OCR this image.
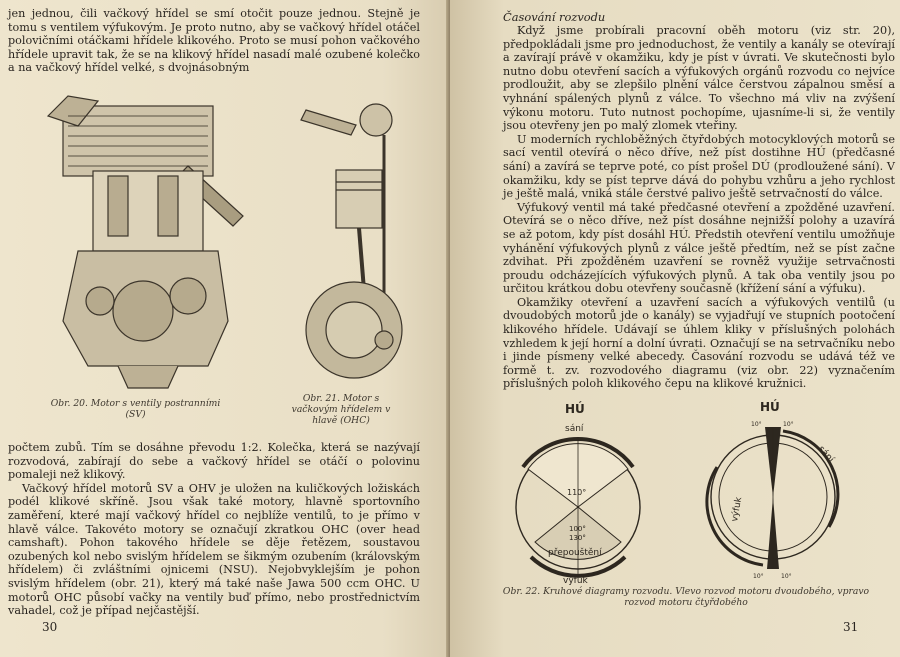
jen jednou, čili vačkový hřídel se smí otočit pouze jednou. Stejně je tomu s ventilem výfukovým. Je proto nutno, aby se vačkový hřídel otáčel polovičními otáčkami hřídele klikového. Proto se musí pohon vačkového hřídele upravit tak, že se na klikový hřídel nasadí malé ozubené kolečko a na vačkový hřídel velké, s dvojnásobným

Obr. 20. Motor s ventily postranními (SV)
Obr. 21. Motor s vačkovým hřídelem v hlavě (OHC)

počtem zubů. Tím se dosáhne převodu 1:2. Kolečka, která se nazývají rozvodová, zabírají do sebe a vačkový hřídel se otáčí o polovinu pomaleji než klikový.

Vačkový hřídel motorů SV a OHV je uložen na kuličkových ložiskách podél klikové skříně. Jsou však také motory, hlavně sportovního zaměření, které mají vačkový hřídel co nejblíže ventilů, to je přímo v hlavě válce. Takovéto motory se označují zkratkou OHC (over head camshaft). Pohon takového hřídele se děje řetězem, soustavou ozubených kol nebo svislým hřídelem se šikmým ozubením (královským hřídelem) či zvláštními ojnicemi (NSU). Nejobvyklejším je pohon svislým hřídelem (obr. 21), který má také naše Jawa 500 ccm OHC. U motorů OHC působí vačky na ventily buď přímo, nebo prostřednictvím vahadel, což je případ nejčastější.

30
Časování rozvodu

Když jsme probírali pracovní oběh motoru (viz str. 20), předpokládali jsme pro jednoduchost, že ventily a kanály se otevírají a zavírají právě v okamžiku, kdy je píst v úvrati. Ve skutečnosti bylo nutno dobu otevření sacích a výfukových orgánů rozvodu co nejvíce prodloužit, aby se zlepšilo plnění válce čerstvou zápalnou směsí a vyhnání spálených plynů z válce. To všechno má vliv na zvýšení výkonu motoru. Tuto nutnost pochopíme, ujasníme-li si, že ventily jsou otevřeny jen po malý zlomek vteřiny.

U moderních rychloběžných čtyřdobých motocyklových motorů se sací ventil otevírá o něco dříve, než píst dostihne HÚ (předčasné sání) a zavírá se teprve poté, co píst prošel DÚ (prodloužené sání). V okamžiku, kdy se píst teprve dává do pohybu vzhůru a jeho rychlost je ještě malá, vniká stále čerstvé palivo ještě setrvačností do válce.

Výfukový ventil má také předčasné otevření a zpožděné uzavření. Otevírá se o něco dříve, než píst dosáhne nejnižší polohy a uzavírá se až potom, kdy píst dosáhl HÚ. Předstih otevření ventilu umožňuje vyhánění výfukových plynů z válce ještě předtím, než se píst začne zdvihat. Při zpožděném uzavření se rovněž využije setrvačnosti proudu odcházejících výfukových plynů. A tak oba ventily jsou po určitou krátkou dobu otevřeny současně (křížení sání a výfuku).

Okamžiky otevření a uzavření sacích a výfukových ventilů (u dvoudobých motorů jde o kanály) se vyjadřují ve stupních pootočení klikového hřídele. Udávají se úhlem kliky v příslušných polohách vzhledem k její horní a dolní úvrati. Označují se na setrvačníku nebo i jinde písmeny velké abecedy. Časování rozvodu se udává též ve formě t. zv. rozvodového diagramu (viz obr. 22) vyznačením příslušných poloh klikového čepu na klikové kružnici.

HÚ
sání
110°
100°
130°
přepouštění
výfuk
HÚ
sání
výfuk
10°	10°
10°	10°
Obr. 22. Kruhové diagramy rozvodu. Vlevo rozvod motoru dvoudobého, vpravo rozvod motoru čtyřdobého
31
